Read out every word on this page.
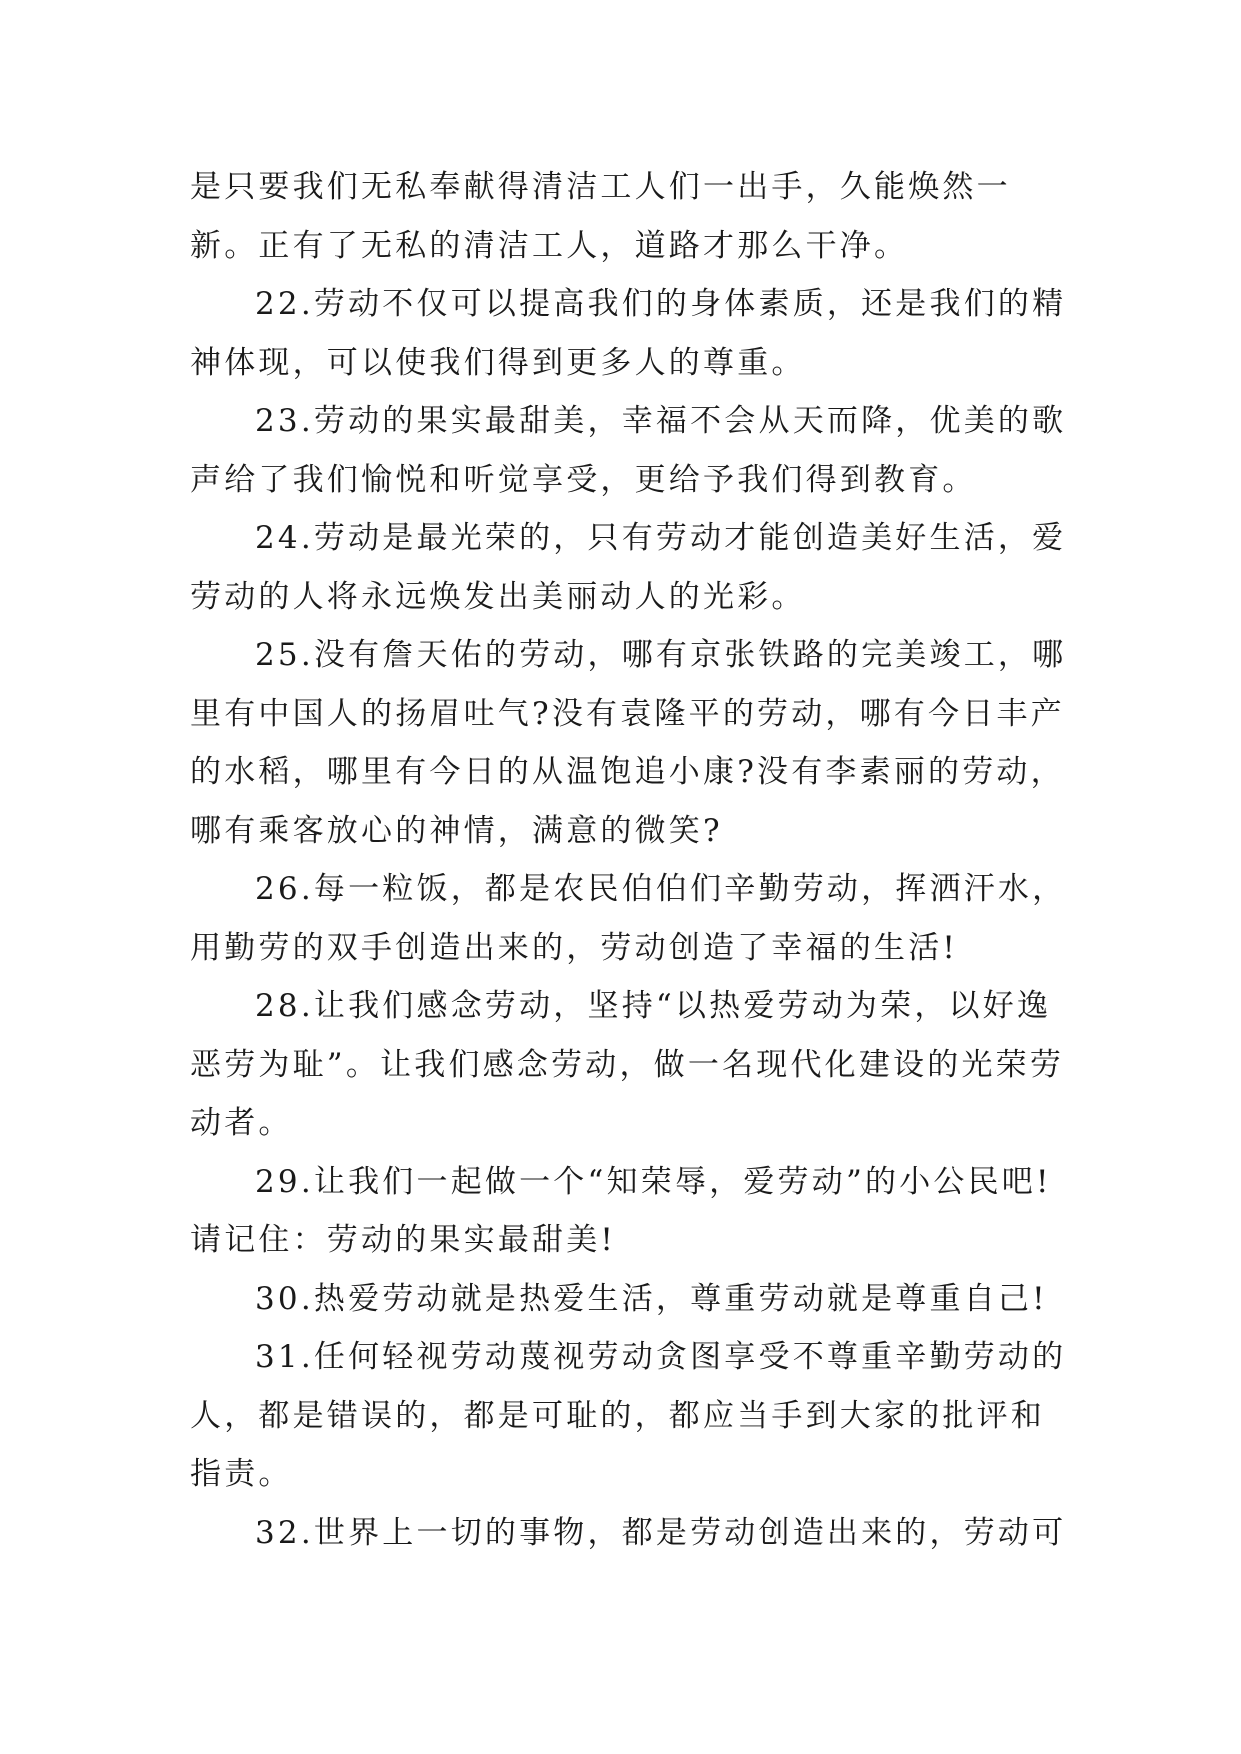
是只要我们无私奉献得清洁工人们一出手，久能焕然一新。正有了无私的清洁工人，道路才那么干净。

22.劳动不仅可以提高我们的身体素质，还是我们的精神体现，可以使我们得到更多人的尊重。

23.劳动的果实最甜美，幸福不会从天而降，优美的歌声给了我们愉悦和听觉享受，更给予我们得到教育。

24.劳动是最光荣的，只有劳动才能创造美好生活，爱劳动的人将永远焕发出美丽动人的光彩。

25.没有詹天佑的劳动，哪有京张铁路的完美竣工，哪里有中国人的扬眉吐气?没有袁隆平的劳动，哪有今日丰产的水稻，哪里有今日的从温饱追小康?没有李素丽的劳动，哪有乘客放心的神情，满意的微笑?

26.每一粒饭，都是农民伯伯们辛勤劳动，挥洒汗水，用勤劳的双手创造出来的，劳动创造了幸福的生活!

28.让我们感念劳动，坚持“以热爱劳动为荣，以好逸恶劳为耻”。让我们感念劳动，做一名现代化建设的光荣劳动者。

29.让我们一起做一个“知荣辱，爱劳动”的小公民吧!请记住：劳动的果实最甜美!

30.热爱劳动就是热爱生活，尊重劳动就是尊重自己!

31.任何轻视劳动蔑视劳动贪图享受不尊重辛勤劳动的人，都是错误的，都是可耻的，都应当手到大家的批评和指责。

32.世界上一切的事物，都是劳动创造出来的，劳动可
